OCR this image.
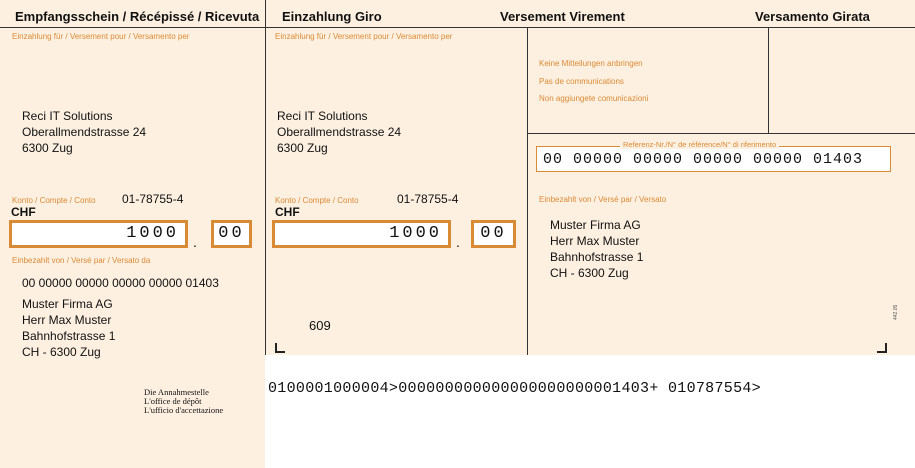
Empfangsschein / Récépissé / Ricevuta Einzahlung Giro	Versement Virement	Versamento Girata
Einzahlung für / Versement pour / Versamento per
Reci IT Solutions
Oberallmendstrasse 24
6300 Zug
Konto / Compte / Conto 01-78755-4
CHF
1000	.	00
Einbezahlt von / Versé par / Versato da
00 00000 00000 00000 00000 01403
Muster Firma AG
Herr Max Muster
Bahnhofstrasse 1
CH - 6300 Zug
Einzahlung für / Versement pour / Versamento per
Reci IT Solutions
Oberallmendstrasse 24
6300 Zug
Konto / Compte / Conto	01-78755-4
CHF
1000	.	00
609
Keine Mitteilungen anbringen
Pas de communications
Non aggiungete comunicazioni
00 00000 00000 00000 00000 01403
Referenz-Nr./N° de référence/N° di riferimento
Einbezahlt von / Versé par / Versato
Muster Firma AG
Herr Max Muster
Bahnhofstrasse 1
CH - 6300 Zug
442.05
Die Annahmestelle
L'office de dépôt
L'ufficio d'accettazione
0100001000004>000000000000000000000001403+ 010787554>
